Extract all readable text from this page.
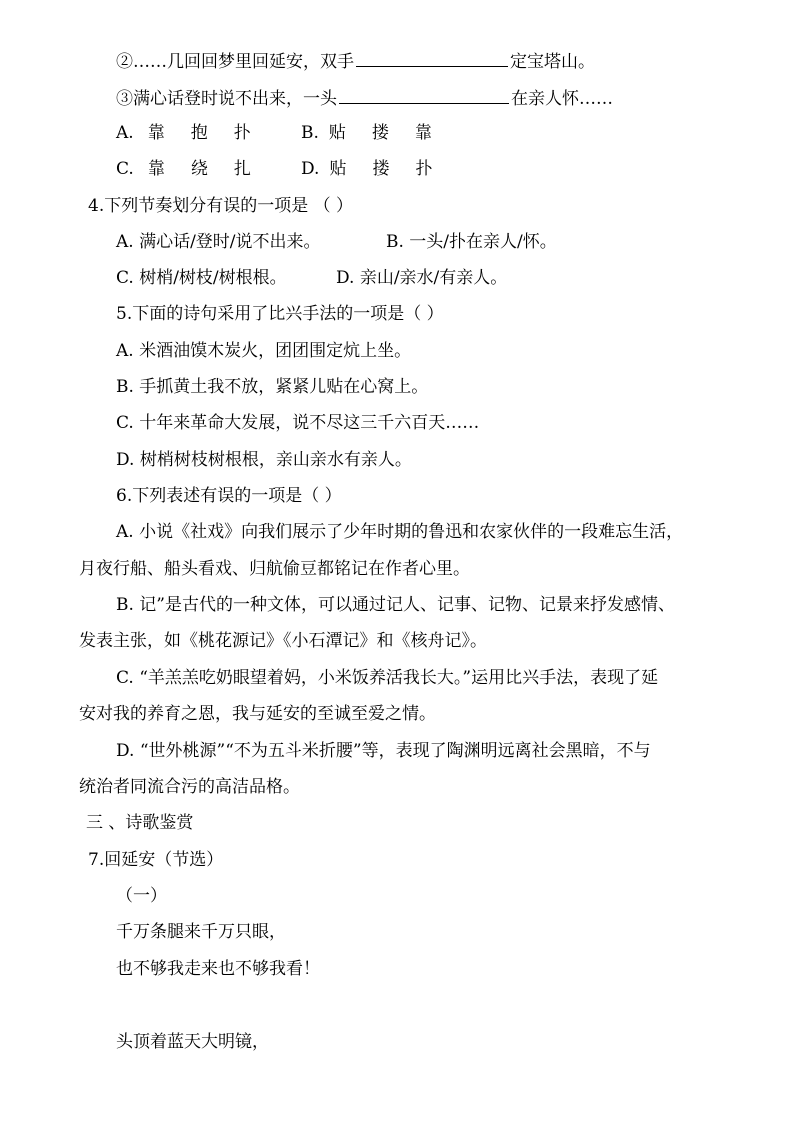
②……几回回梦里回延安，双手	定宝塔山。
③满心话登时说不出来，一头	在亲人怀……
A. 靠 抱 扑	B. 贴 搂 靠
C. 靠 绕 扎	D. 贴 搂 扑
4.下列节奏划分有误的一项是 （ ）
A. 满心话/登时/说不出来。	B. 一头/扑在亲人/怀。
C. 树梢/树枝/树根根。	D. 亲山/亲水/有亲人。
5.下面的诗句采用了比兴手法的一项是（ ）
A. 米酒油馍木炭火，团团围定炕上坐。
B. 手抓黄土我不放，紧紧儿贴在心窝上。
C. 十年来革命大发展，说不尽这三千六百天……
D. 树梢树枝树根根，亲山亲水有亲人。
6.下列表述有误的一项是（ ）
A. 小说《社戏》向我们展示了少年时期的鲁迅和农家伙伴的一段难忘生活，
月夜行船、船头看戏、归航偷豆都铭记在作者心里。
B. 记”是古代的一种文体，可以通过记人、记事、记物、记景来抒发感情、
发表主张，如《桃花源记》《小石潭记》和《核舟记》。
C. “羊羔羔吃奶眼望着妈，小米饭养活我长大。”运用比兴手法，表现了延
安对我的养育之恩，我与延安的至诚至爱之情。
D. “世外桃源”“不为五斗米折腰”等，表现了陶渊明远离社会黑暗，不与
统治者同流合污的高洁品格。
三 、诗歌鉴赏
7.回延安（节选）
（一）
千万条腿来千万只眼，
也不够我走来也不够我看！
头顶着蓝天大明镜，
